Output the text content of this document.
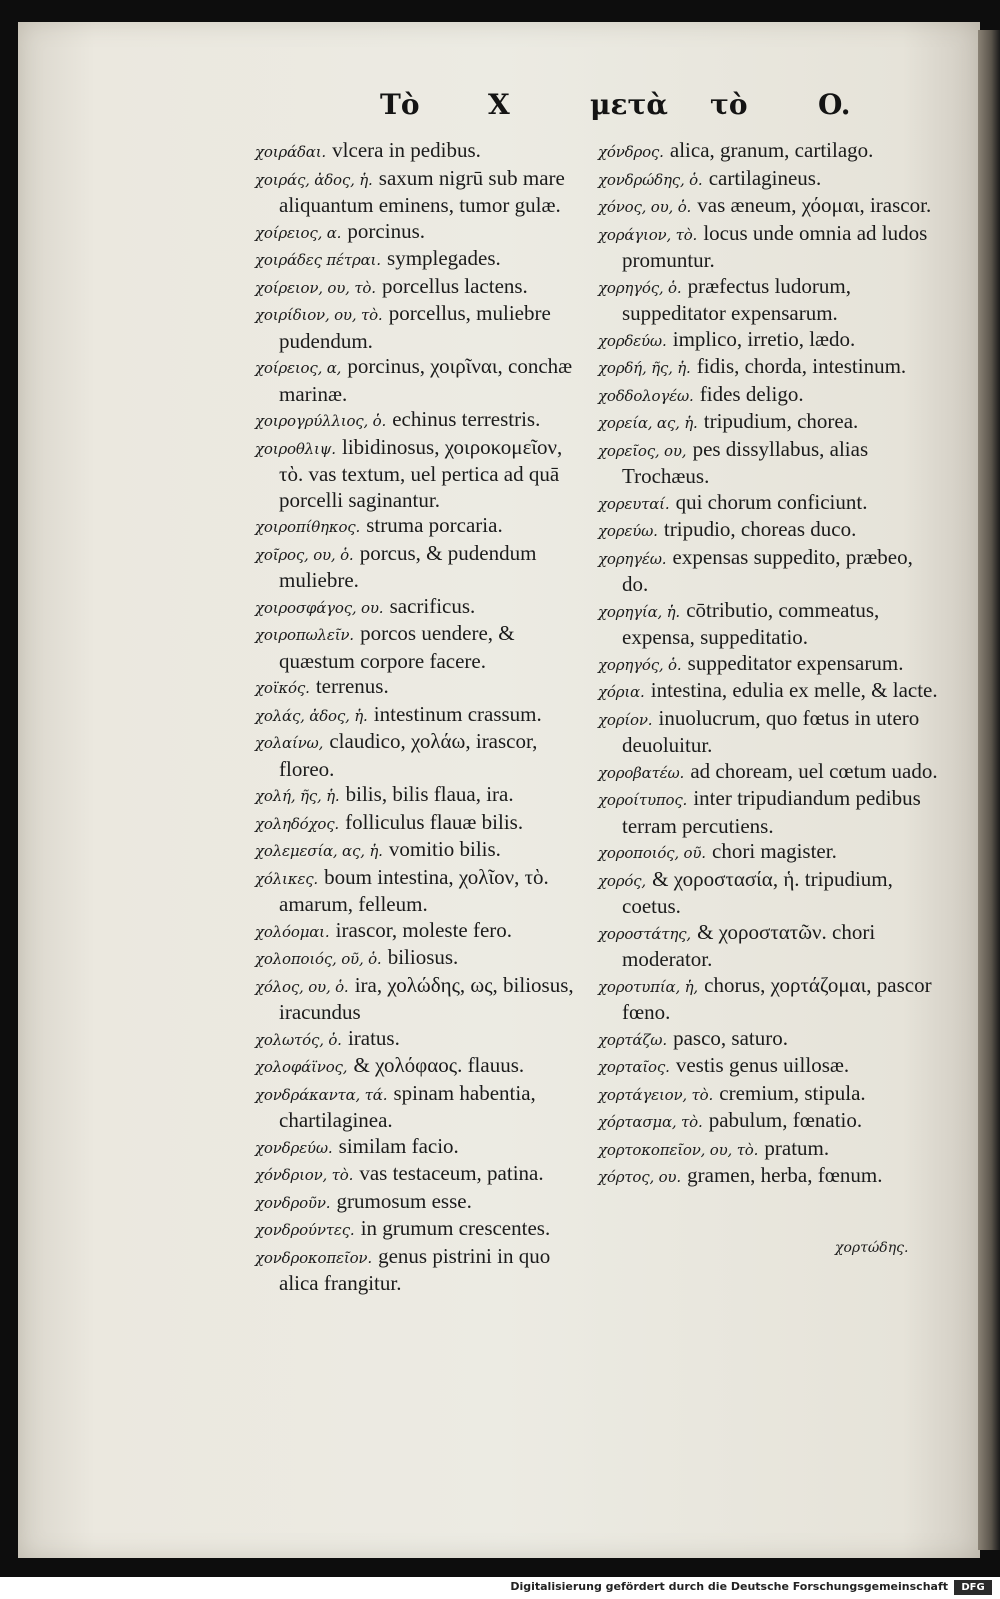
Tὸ X	μετὰ τὸ	O.
χοιράδαι. vlcera in pedibus.
χοιράς, ἀδος, ἡ. saxum nigrū sub mare aliquantum eminens, tumor gulæ.
χοίρειος, α. porcinus.
χοιράδες πέτραι. symplegades.
χοίρειον, ου, τὸ. porcellus lactens.
χοιρίδιον, ου, τὸ. porcellus, muliebre pudendum.
χοίρειος, α, porcinus, χοιρῖναι, conchæ marinæ.
χοιρογρύλλιος, ὁ. echinus terrestris.
χοιροθλιψ. libidinosus, χοιροκομεῖον, τὸ. vas textum, uel pertica ad quā porcelli saginantur.
χοιροπίθηκος. struma porcaria.
χοῖρος, ου, ὁ. porcus, & pudendum muliebre.
χοιροσφάγος, ου. sacrificus.
χοιροπωλεῖν. porcos uendere, & quæstum corpore facere.
χοϊκός. terrenus.
χολάς, ἀδος, ἡ. intestinum crassum.
χολαίνω, claudico, χολάω, irascor, floreo.
χολή, ῆς, ἡ. bilis, bilis flaua, ira.
χοληδόχος. folliculus flauæ bilis.
χολεμεσία, ας, ἡ. vomitio bilis.
χόλικες. boum intestina, χολῖον, τὸ. amarum, felleum.
χολόομαι. irascor, moleste fero.
χολοποιός, οῦ, ὁ. biliosus.
χόλος, ου, ὁ. ira, χολώδης, ως, biliosus, iracundus
χολωτός, ὁ. iratus.
χολοφάϊνος, & χολόφαος. flauus.
χονδράκαντα, τά. spinam habentia, chartilaginea.
χονδρεύω. similam facio.
χόνδριον, τὸ. vas testaceum, patina.
χονδροῦν. grumosum esse.
χονδρούντες. in grumum crescentes.
χονδροκοπεῖον. genus pistrini in quo alica frangitur.
χόνδρος. alica, granum, cartilago.
χονδρώδης, ὁ. cartilagineus.
χόνος, ου, ὁ. vas æneum, χόομαι, irascor.
χοράγιον, τὸ. locus unde omnia ad ludos promuntur.
χορηγός, ὁ. præfectus ludorum, suppeditator expensarum.
χορδεύω. implico, irretio, lædo.
χορδή, ῆς, ἡ. fidis, chorda, intestinum.
χοδδολογέω. fides deligo.
χορεία, ας, ἡ. tripudium, chorea.
χορεῖος, ου, pes dissyllabus, alias Trochæus.
χορευταί. qui chorum conficiunt.
χορεύω. tripudio, choreas duco.
χορηγέω. expensas suppedito, præbeo, do.
χορηγία, ἡ. cōtributio, commeatus, expensa, suppeditatio.
χορηγός, ὁ. suppeditator expensarum.
χόρια. intestina, edulia ex melle, & lacte.
χορίον. inuolucrum, quo fœtus in utero deuoluitur.
χοροβατέω. ad choream, uel cœtum uado.
χοροίτυπος. inter tripudiandum pedibus terram percutiens.
χοροποιός, οῦ. chori magister.
χορός, & χοροστασία, ἡ. tripudium, coetus.
χοροστάτης, & χοροστατῶν. chori moderator.
χοροτυπία, ἡ, chorus, χορτάζομαι, pascor fœno.
χορτάζω. pasco, saturo.
χορταῖος. vestis genus uillosæ.
χορτάγειον, τὸ. cremium, stipula.
χόρτασμα, τὸ. pabulum, fœnatio.
χορτοκοπεῖον, ου, τὸ. pratum.
χόρτος, ου. gramen, herba, fœnum.
χορτώδης.
Digitalisierung gefördert durch die Deutsche Forschungsgemeinschaft	DFG
